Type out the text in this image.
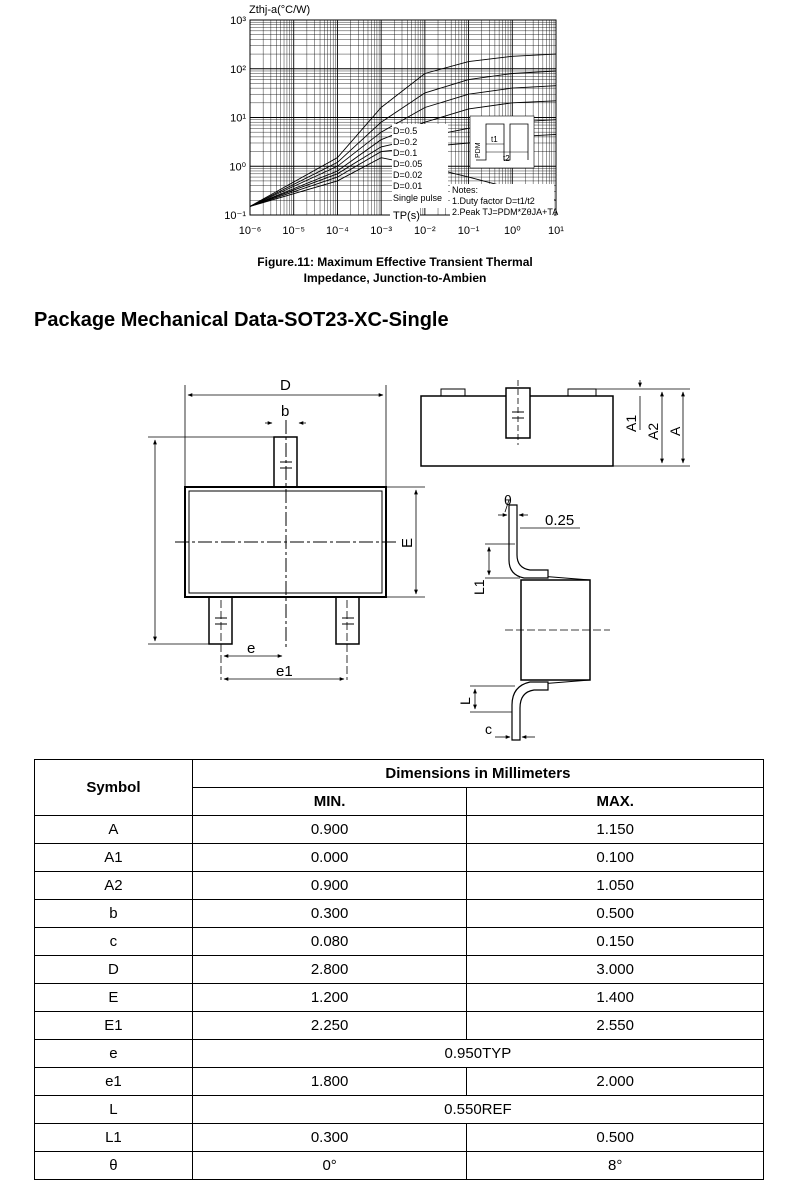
10³
10²
10¹
10⁰
10⁻¹
10⁻⁶ 10⁻⁵ 10⁻⁴ 10⁻³ 10⁻² 10⁻¹ 10⁰ 10¹
Zthj-a(°C/W)
TP(s)
D=0.5
D=0.2
D=0.1
D=0.05
D=0.02
D=0.01
Single pulse
PDM
t1
t2
Notes:
1.Duty factor D=t1/t2
2.Peak TJ=PDM*ZθJA+TA
Figure.11: Maximum Effective Transient Thermal
Impedance, Junction-to-Ambien
Package Mechanical Data-SOT23-XC-Single
D
b
E
e
e1
A1 A2 A
θ
0.25
L1
L
c
Symbol	Dimensions in Millimeters	
	MIN.	MAX.
A	0.900	1.150
A1	0.000	0.100
A2	0.900	1.050
b	0.300	0.500
c	0.080	0.150
D	2.800	3.000
E	1.200	1.400
E1	2.250	2.550
e	0.950TYP	
e1	1.800	2.000
L	0.550REF	
L1	0.300	0.500
θ	0°	8°
